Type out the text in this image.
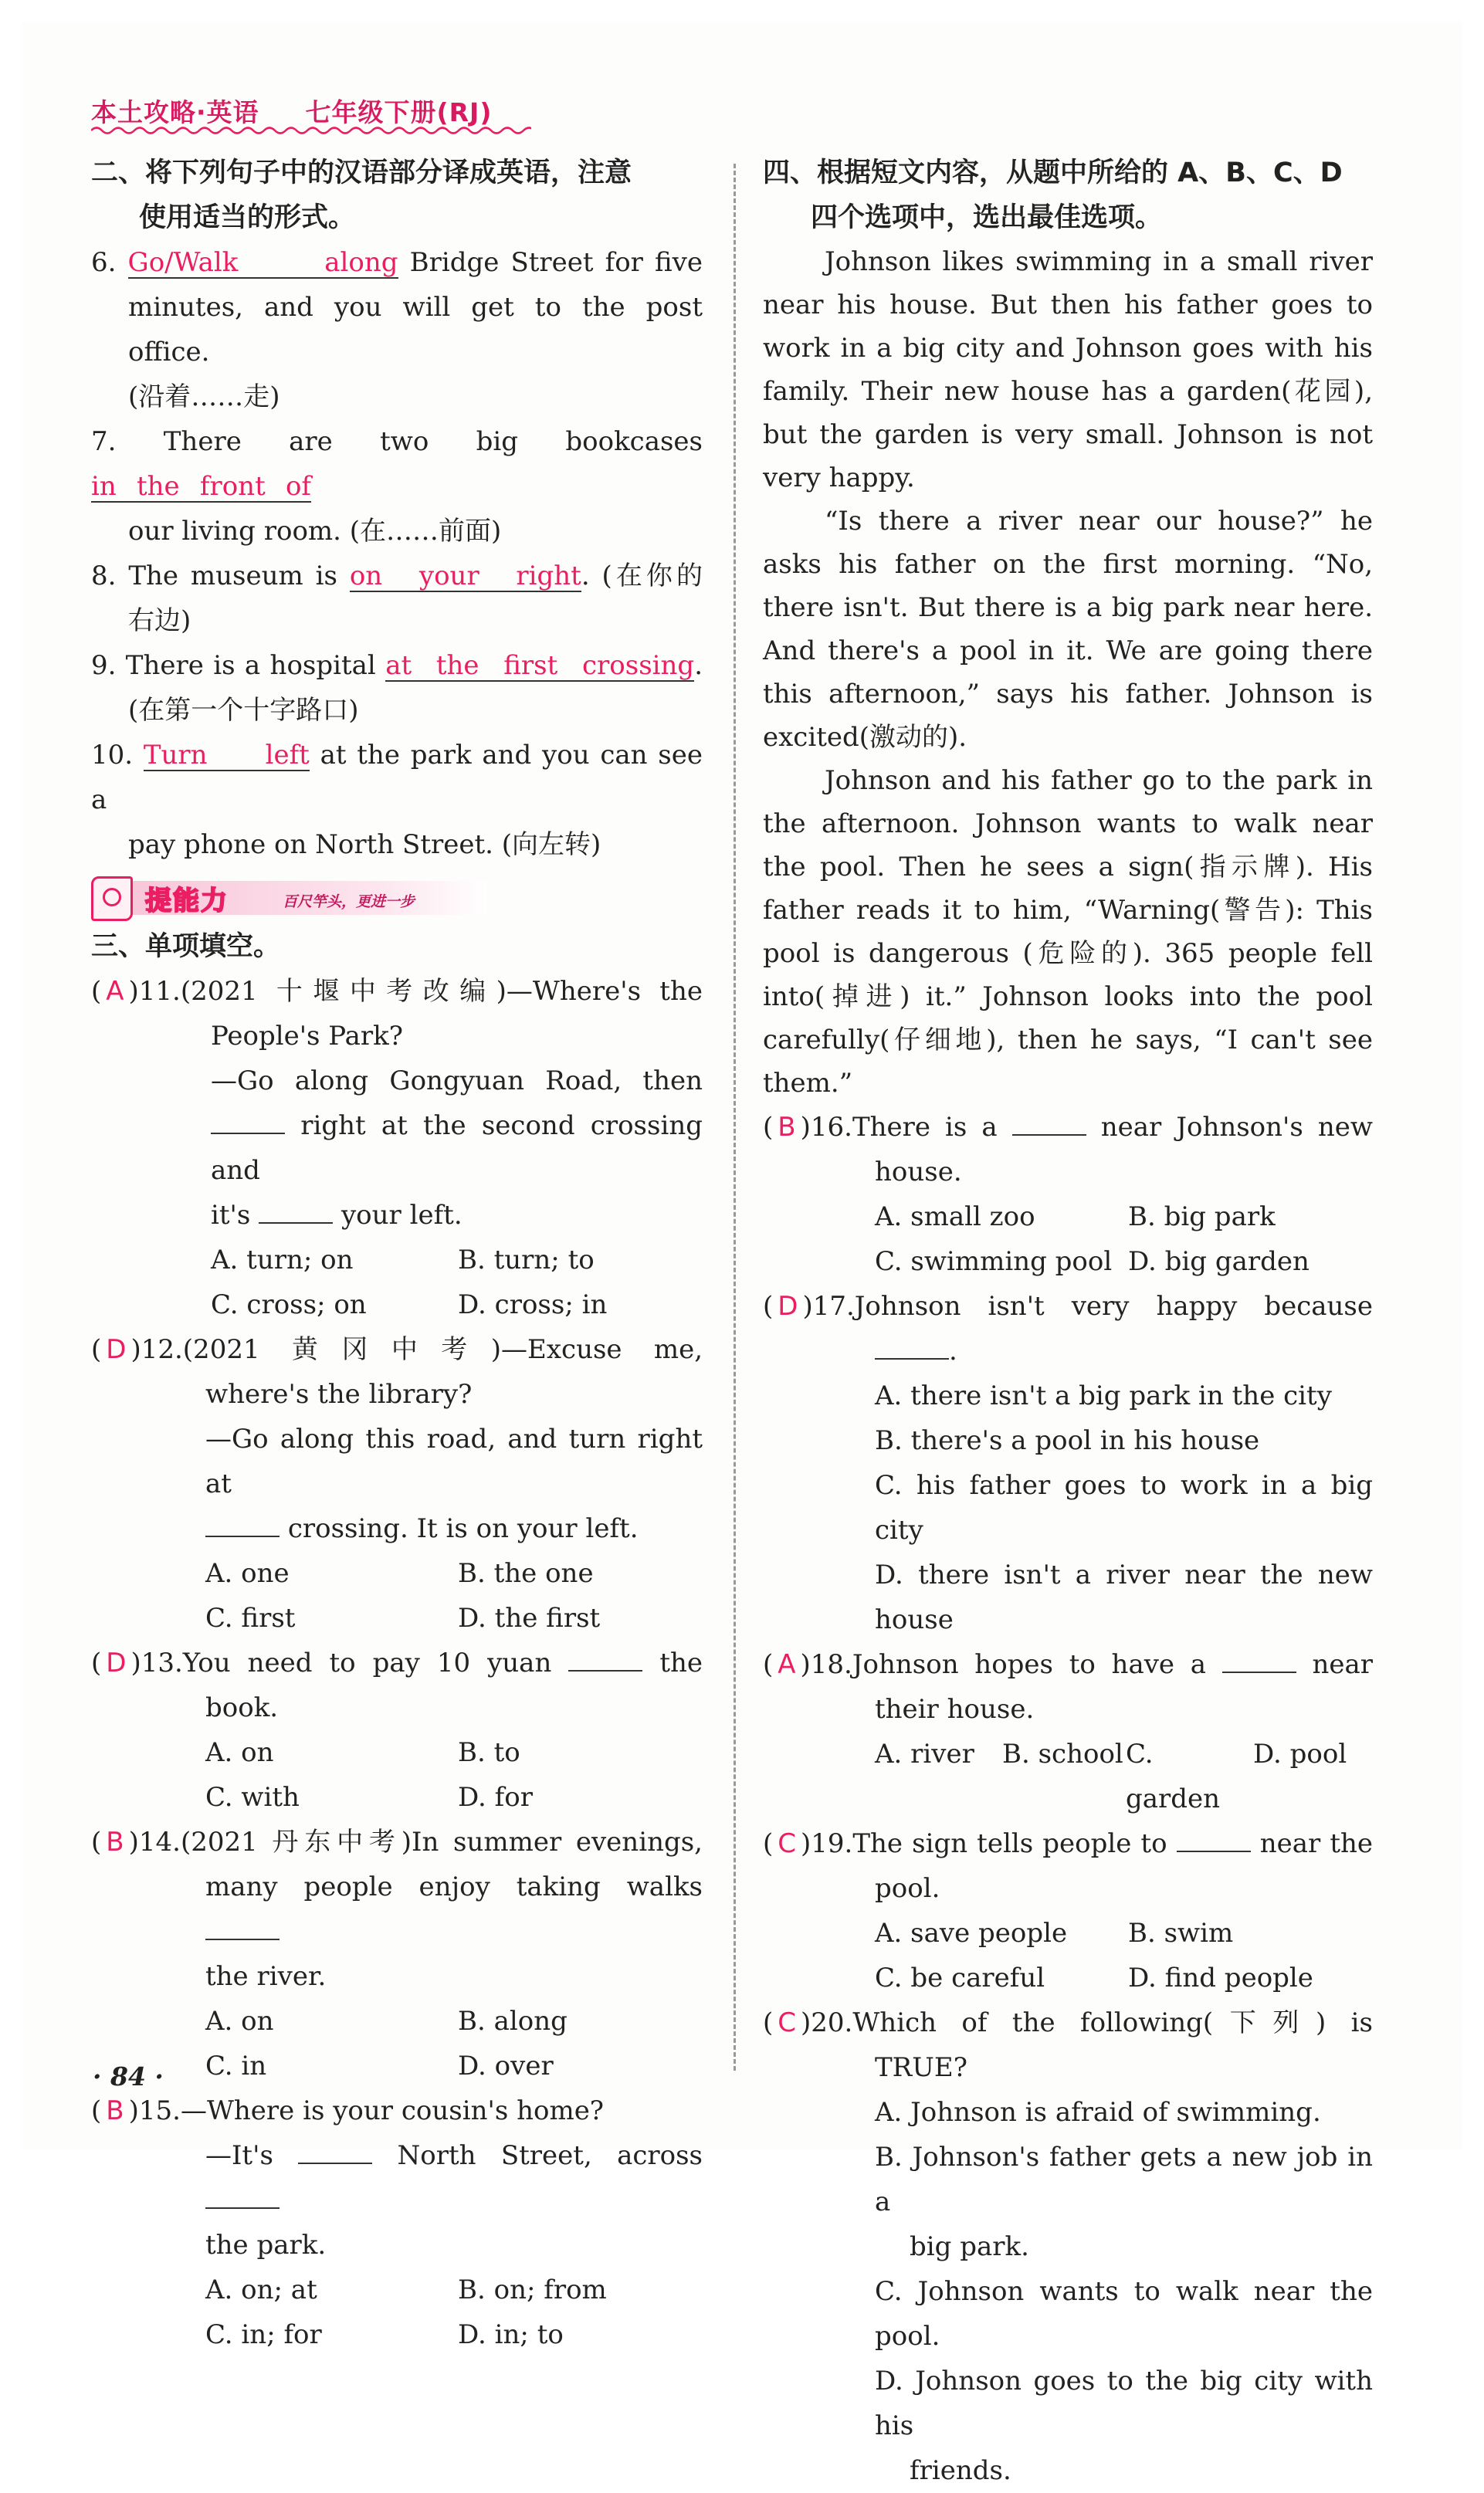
本土攻略·英语 七年级下册(RJ)
二、将下列句子中的汉语部分译成英语，注意
使用适当的形式。
6. Go/Walk along Bridge Street for five
minutes, and you will get to the post office.
(沿着……走)
7. There are two big bookcases in the front of
our living room. (在……前面)
8. The museum is on your right. (在你的
右边)
9. There is a hospital at the first crossing.
(在第一个十字路口)
10. Turn left at the park and you can see a
pay phone on North Street. (向左转)
提能力	百尺竿头，更进一步
三、单项填空。
( A )11.(2021 十堰中考改编)—Where's the
People's Park?
—Go along Gongyuan Road, then
right at the second crossing and
it's	your left.
A. turn; on	B. turn; to
C. cross; on	D. cross; in
( D )12.(2021 黄冈中考)—Excuse me,
where's the library?
—Go along this road, and turn right at
crossing. It is on your left.
A. one	B. the one
C. first	D. the first
( D )13.You need to pay 10 yuan	the
book.
A. on	B. to
C. with	D. for
( B )14.(2021 丹东中考)In summer evenings,
many people enjoy taking walks
the river.
A. on	B. along
C. in	D. over
( B )15.—Where is your cousin's home?
—It's	North Street, across
the park.
A. on; at	B. on; from
C. in; for	D. in; to
四、根据短文内容，从题中所给的 A、B、C、D
四个选项中，选出最佳选项。

Johnson likes swimming in a small river near his house. But then his father goes to work in a big city and Johnson goes with his family. Their new house has a garden(花园), but the garden is very small. Johnson is not very happy.

“Is there a river near our house?” he asks his father on the first morning. “No, there isn't. But there is a big park near here. And there's a pool in it. We are going there this afternoon,” says his father. Johnson is excited(激动的).

Johnson and his father go to the park in the afternoon. Johnson wants to walk near the pool. Then he sees a sign(指示牌). His father reads it to him, “Warning(警告): This pool is dangerous (危险的). 365 people fell into(掉进) it.” Johnson looks into the pool carefully(仔细地), then he says, “I can't see them.”

( B )16.There is a	near Johnson's new
house.
A. small zoo	B. big park
C. swimming pool D. big garden
( D )17.Johnson isn't very happy because
.
A. there isn't a big park in the city
B. there's a pool in his house
C. his father goes to work in a big city
D. there isn't a river near the new house
( A )18.Johnson hopes to have a	near
their house.
A. river	B. school C. garden
D. pool
( C )19.The sign tells people to	near the
pool.
A. save people	B. swim
C. be careful	D. find people
( C )20.Which of the following(下列) is
TRUE?
A. Johnson is afraid of swimming.
B. Johnson's father gets a new job in a
big park.
C. Johnson wants to walk near the pool.
D. Johnson goes to the big city with his
friends.
· 84 ·
